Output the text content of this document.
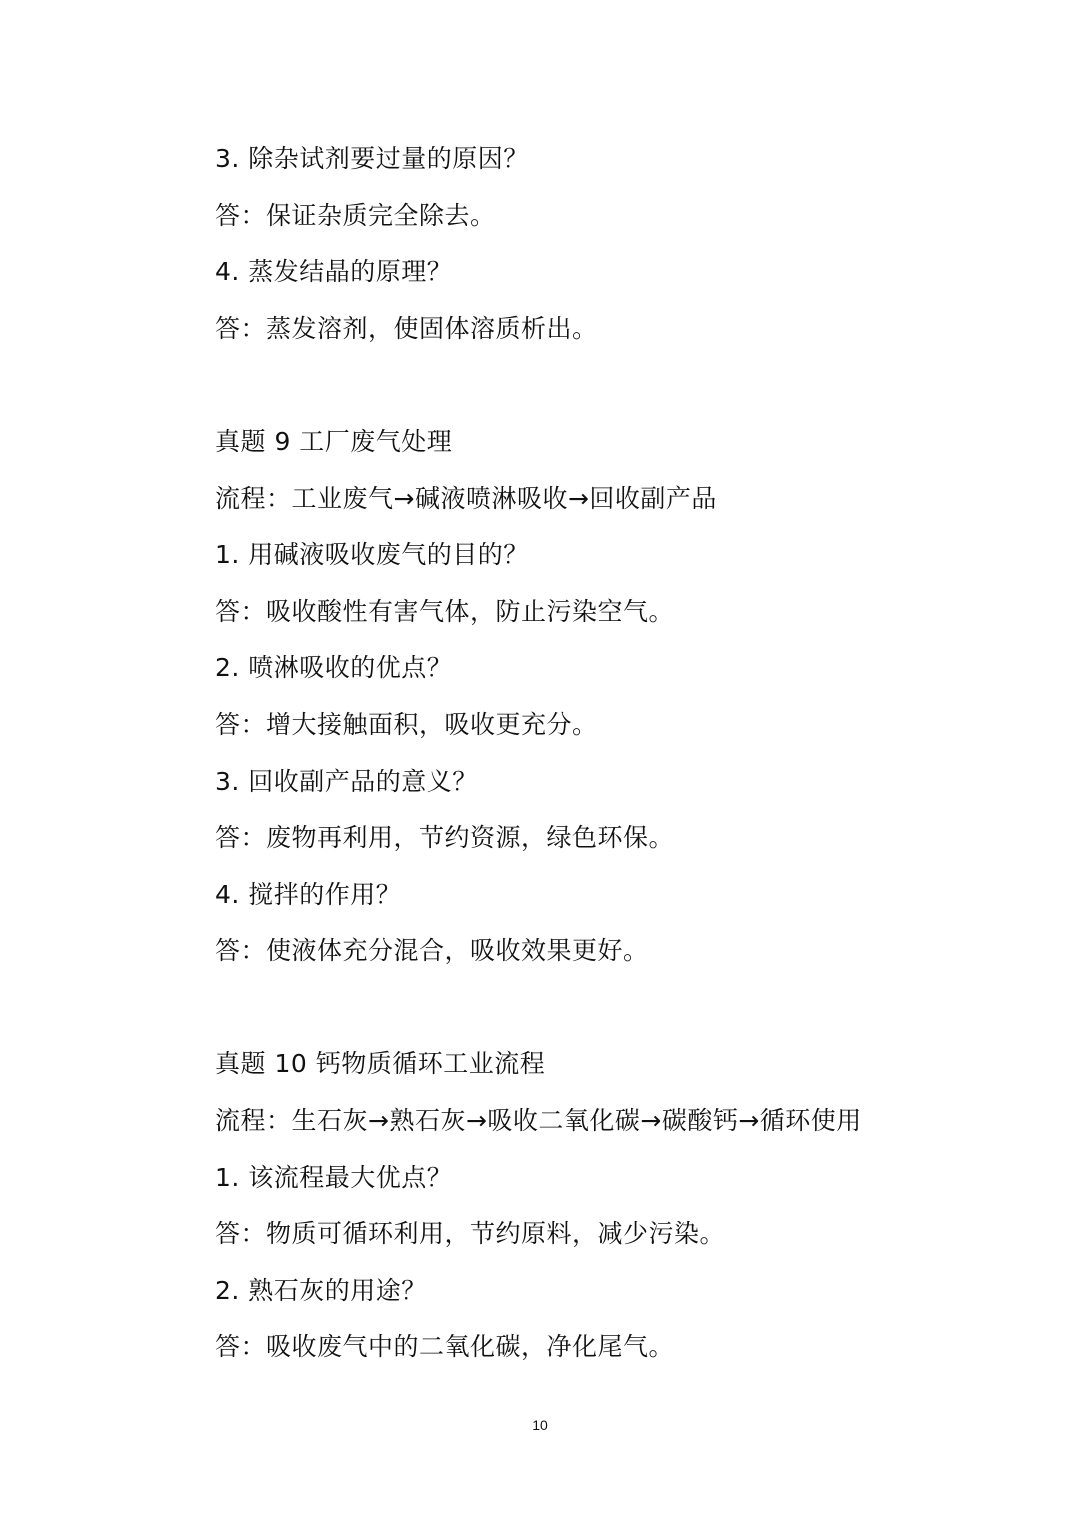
3. 除杂试剂要过量的原因？
答：保证杂质完全除去。
4. 蒸发结晶的原理？
答：蒸发溶剂，使固体溶质析出。
真题 9 工厂废气处理
流程：工业废气→碱液喷淋吸收→回收副产品
1. 用碱液吸收废气的目的？
答：吸收酸性有害气体，防止污染空气。
2. 喷淋吸收的优点？
答：增大接触面积，吸收更充分。
3. 回收副产品的意义？
答：废物再利用，节约资源，绿色环保。
4. 搅拌的作用？
答：使液体充分混合，吸收效果更好。
真题 10 钙物质循环工业流程
流程：生石灰→熟石灰→吸收二氧化碳→碳酸钙→循环使用
1. 该流程最大优点？
答：物质可循环利用，节约原料，减少污染。
2. 熟石灰的用途？
答：吸收废气中的二氧化碳，净化尾气。
10
